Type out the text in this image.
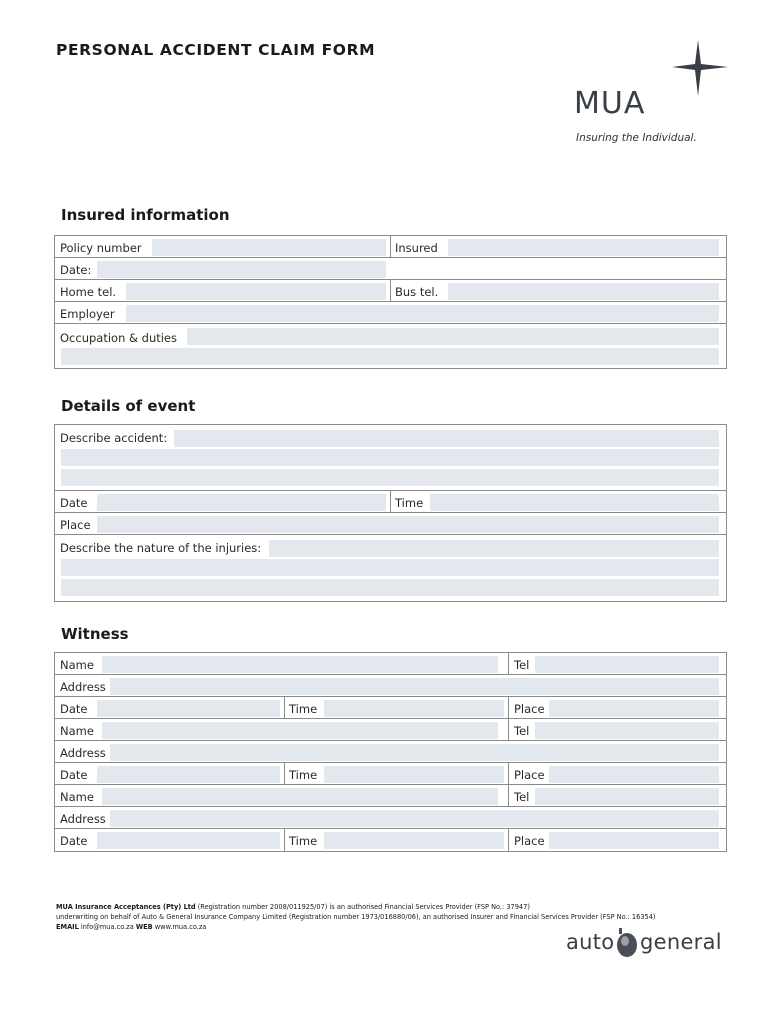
PERSONAL ACCIDENT CLAIM FORM
MUA
Insuring the Individual.
Insured information
Policy number	Insured
Date:
Home tel.	Bus tel.
Employer
Occupation & duties
Details of event
Describe accident:
Date	Time
Place
Describe the nature of the injuries:
Witness
Name	Tel
Address
Date	Time	Place
Name	Tel
Address
Date	Time	Place
Name	Tel
Address
Date	Time	Place
MUA Insurance Acceptances (Pty) Ltd (Registration number 2008/011925/07) is an authorised Financial Services Provider (FSP No.: 37947)
underwriting on behalf of Auto & General Insurance Company Limited (Registration number 1973/016880/06), an authorised Insurer and Financial Services Provider (FSP No.: 16354)
EMAIL info@mua.co.za WEB www.mua.co.za
auto general
